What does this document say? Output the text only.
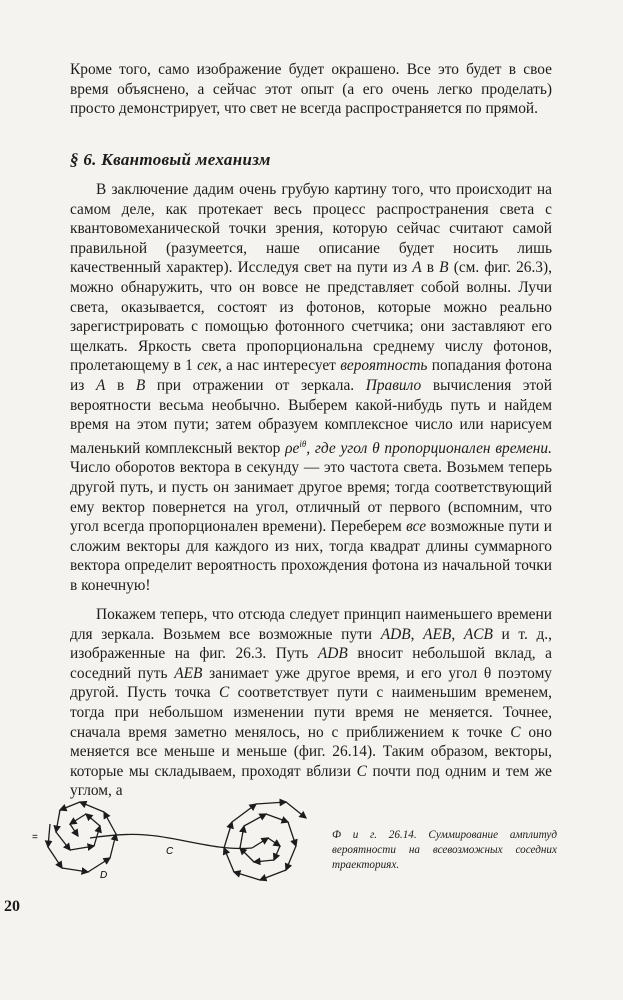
Кроме того, само изображение будет окрашено. Все это будет в свое время объяснено, а сейчас этот опыт (а его очень легко проделать) просто демонстрирует, что свет не всегда распространяется по прямой.

§ 6. Квантовый механизм

В заключение дадим очень грубую картину того, что происходит на самом деле, как протекает весь процесс распространения света с квантовомеханической точки зрения, которую сейчас считают самой правильной (разумеется, наше описание будет носить лишь качественный характер). Исследуя свет на пути из A в B (см. фиг. 26.3), можно обнаружить, что он вовсе не представляет собой волны. Лучи света, оказывается, состоят из фотонов, которые можно реально зарегистрировать с помощью фотонного счетчика; они заставляют его щелкать. Яркость света пропорциональна среднему числу фотонов, пролетающему в 1 сек, а нас интересует вероятность попадания фотона из A в B при отражении от зеркала. Правило вычисления этой вероятности весьма необычно. Выберем какой-нибудь путь и найдем время на этом пути; затем образуем комплексное число или нарисуем маленький комплексный вектор $\rho e^{i\theta}$, где угол θ пропорционален времени. Число оборотов вектора в секунду — это частота света. Возьмем теперь другой путь, и пусть он занимает другое время; тогда соответствующий ему вектор повернется на угол, отличный от первого (вспомним, что угол всегда пропорционален времени). Переберем все возможные пути и сложим векторы для каждого из них, тогда квадрат длины суммарного вектора определит вероятность прохождения фотона из начальной точки в конечную!

Покажем теперь, что отсюда следует принцип наименьшего времени для зеркала. Возьмем все возможные пути ADB, AEB, ACB и т. д., изображенные на фиг. 26.3. Путь ADB вносит небольшой вклад, а соседний путь AEB занимает уже другое время, и его угол θ поэтому другой. Пусть точка C соответствует пути с наименьшим временем, тогда при небольшом изменении пути время не меняется. Точнее, сначала время заметно менялось, но с приближением к точке C оно меняется все меньше и меньше (фиг. 26.14). Таким образом, векторы, которые мы складываем, проходят вблизи C почти под одним и тем же углом, а

C
D
=	Ф и г. 26.14. Суммирование амплитуд вероятности на всевозможных соседних траекториях.

20
